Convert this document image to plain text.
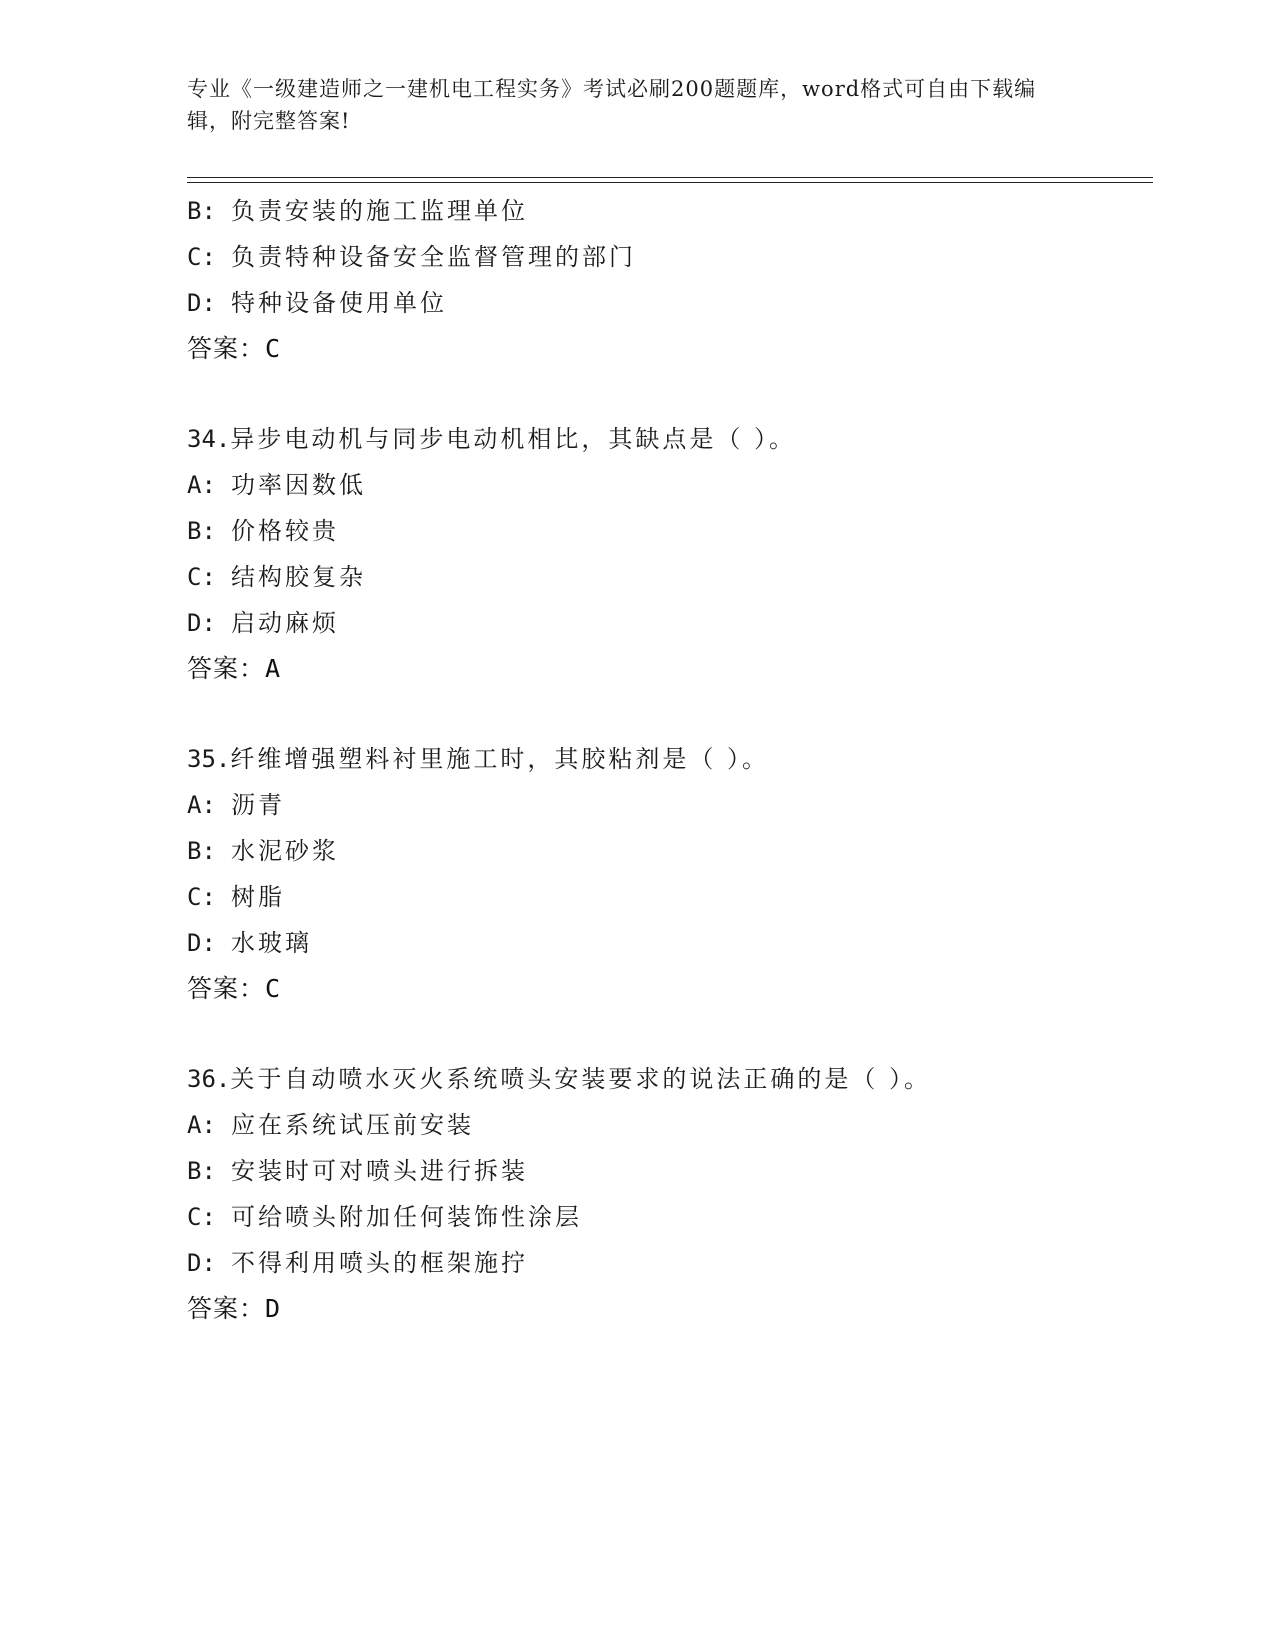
专业《一级建造师之一建机电工程实务》考试必刷200题题库，word格式可自由下载编辑，附完整答案!
B: 负责安装的施工监理单位
C: 负责特种设备安全监督管理的部门
D: 特种设备使用单位
答案：C
34.异步电动机与同步电动机相比，其缺点是（ ）。
A: 功率因数低
B: 价格较贵
C: 结构胶复杂
D: 启动麻烦
答案：A
35.纤维增强塑料衬里施工时，其胶粘剂是（ ）。
A: 沥青
B: 水泥砂浆
C: 树脂
D: 水玻璃
答案：C
36.关于自动喷水灭火系统喷头安装要求的说法正确的是（ ）。
A: 应在系统试压前安装
B: 安装时可对喷头进行拆装
C: 可给喷头附加任何装饰性涂层
D: 不得利用喷头的框架施拧
答案：D
